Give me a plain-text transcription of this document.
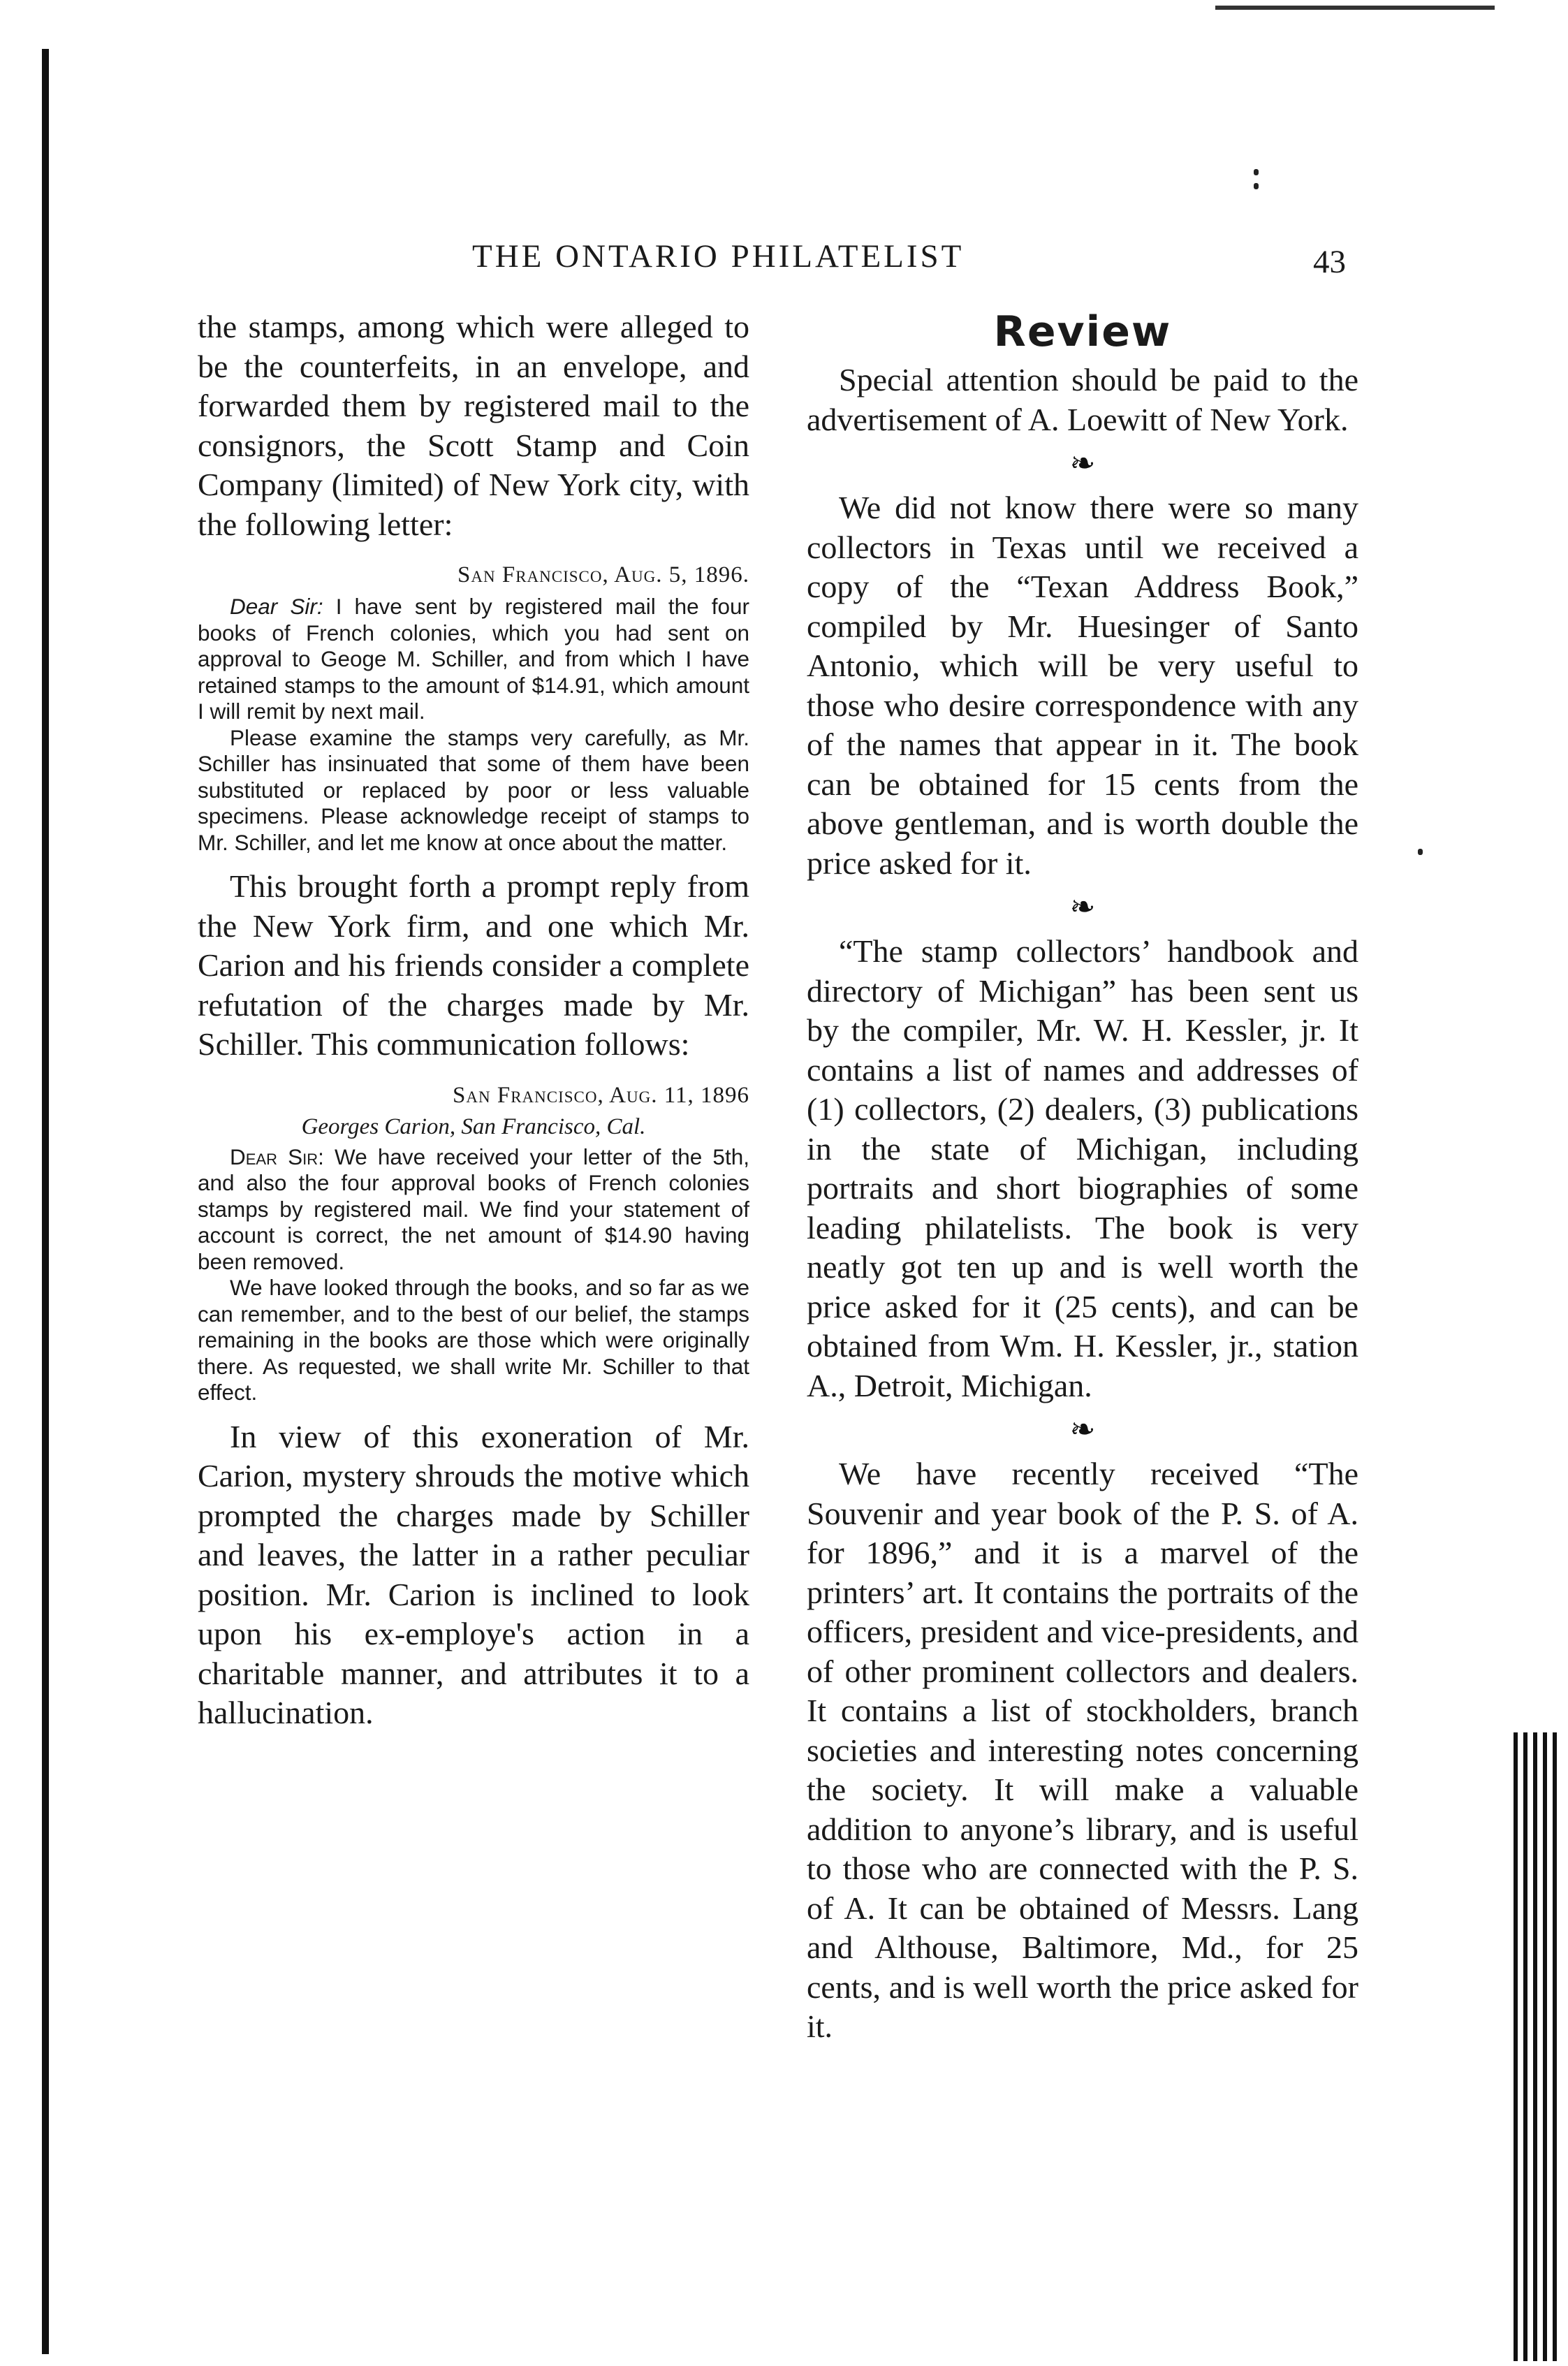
THE ONTARIO PHILATELIST	43

the stamps, among which were alleged to be the counterfeits, in an envelope, and forwarded them by registered mail to the consignors, the Scott Stamp and Coin Company (limited) of New York city, with the following letter:

San Francisco, Aug. 5, 1896.

Dear Sir: I have sent by registered mail the four books of French colonies, which you had sent on approval to Geoge M. Schiller, and from which I have retained stamps to the amount of $14.91, which amount I will remit by next mail.

Please examine the stamps very carefully, as Mr. Schiller has insinuated that some of them have been substituted or replaced by poor or less valuable specimens. Please acknowledge receipt of stamps to Mr. Schiller, and let me know at once about the matter.

This brought forth a prompt reply from the New York firm, and one which Mr. Carion and his friends consider a complete refutation of the charges made by Mr. Schiller. This communication follows:

San Francisco, Aug. 11, 1896
Georges Carion, San Francisco, Cal.

Dear Sir: We have received your letter of the 5th, and also the four approval books of French colonies stamps by registered mail. We find your statement of account is correct, the net amount of $14.90 having been removed.

We have looked through the books, and so far as we can remember, and to the best of our belief, the stamps remaining in the books are those which were originally there. As requested, we shall write Mr. Schiller to that effect.

In view of this exoneration of Mr. Carion, mystery shrouds the motive which prompted the charges made by Schiller and leaves, the latter in a rather peculiar position. Mr. Carion is inclined to look upon his ex-employe's action in a charitable manner, and attributes it to a hallucination.

Review

Special attention should be paid to the advertisement of A. Loewitt of New York.

❧

We did not know there were so many collectors in Texas until we received a copy of the “Texan Address Book,” compiled by Mr. Huesinger of Santo Antonio, which will be very useful to those who desire correspondence with any of the names that appear in it. The book can be obtained for 15 cents from the above gentleman, and is worth double the price asked for it.

❧

“The stamp collectors’ handbook and directory of Michigan” has been sent us by the compiler, Mr. W. H. Kessler, jr. It contains a list of names and addresses of (1) collectors, (2) dealers, (3) publications in the state of Michigan, including portraits and short biographies of some leading philatelists. The book is very neatly got ten up and is well worth the price asked for it (25 cents), and can be obtained from Wm. H. Kessler, jr., station A., Detroit, Michigan.

❧

We have recently received “The Souvenir and year book of the P. S. of A. for 1896,” and it is a marvel of the printers’ art. It contains the portraits of the officers, president and vice-presidents, and of other prominent collectors and dealers. It contains a list of stockholders, branch societies and interesting notes concerning the society. It will make a valuable addition to anyone’s library, and is useful to those who are connected with the P. S. of A. It can be obtained of Messrs. Lang and Althouse, Baltimore, Md., for 25 cents, and is well worth the price asked for it.
